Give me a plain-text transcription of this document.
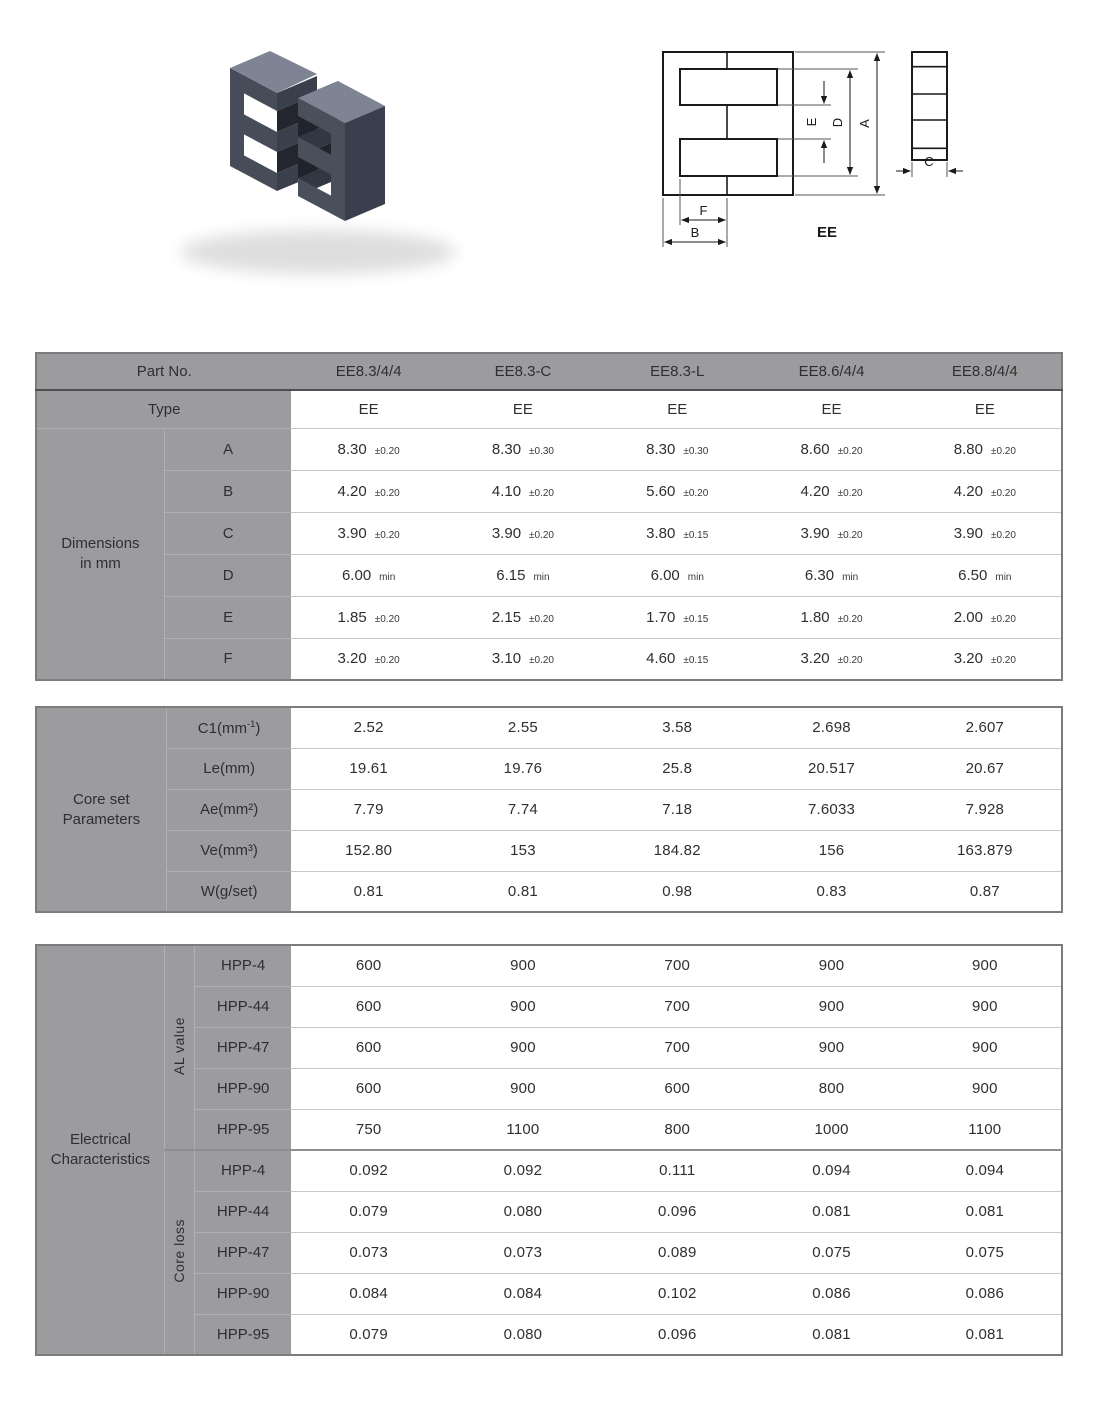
E D A
F
B
C
EE
Part No.		EE8.3/4/4	EE8.3-C	EE8.3-L	EE8.6/4/4	EE8.8/4/4
Type		EE	EE	EE	EE	EE

Dimensions
in mm	A	8.30 ±0.20	8.30 ±0.30	8.30 ±0.30	8.60 ±0.20	8.80 ±0.20
	B	4.20 ±0.20	4.10 ±0.20	5.60 ±0.20	4.20 ±0.20	4.20 ±0.20
	C	3.90 ±0.20	3.90 ±0.20	3.80 ±0.15	3.90 ±0.20	3.90 ±0.20
	D	6.00 min	6.15 min	6.00 min	6.30 min	6.50 min
	E	1.85 ±0.20	2.15 ±0.20	1.70 ±0.15	1.80 ±0.20	2.00 ±0.20
	F	3.20 ±0.20	3.10 ±0.20	4.60 ±0.15	3.20 ±0.20	3.20 ±0.20
Core set
Parameters	$C1(mm^{-1})$	2.52	2.55	3.58	2.698	2.607
	Le(mm)	19.61	19.76	25.8	20.517	20.67
	Ae(mm²)	7.79	7.74	7.18	7.6033	7.928
	Ve(mm³)	152.80	153	184.82	156	163.879
	W(g/set)	0.81	0.81	0.98	0.83	0.87
Electrical
Characteristics	AL value	HPP-4	600	900	700	900	900
		HPP-44	600	900	700	900	900
		HPP-47	600	900	700	900	900
		HPP-90	600	900	600	800	900
		HPP-95	750	1100	800	1000	1100
	Core loss	HPP-4	0.092	0.092	0.111	0.094	0.094
		HPP-44	0.079	0.080	0.096	0.081	0.081
		HPP-47	0.073	0.073	0.089	0.075	0.075
		HPP-90	0.084	0.084	0.102	0.086	0.086
		HPP-95	0.079	0.080	0.096	0.081	0.081
